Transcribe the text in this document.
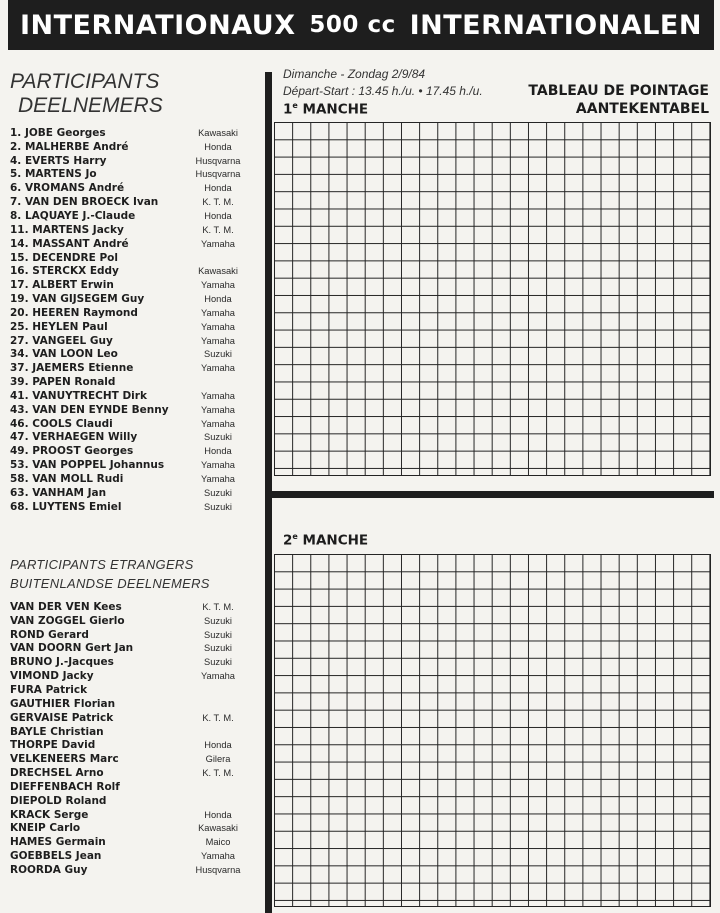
INTERNATIONAUX
500 cc
INTERNATIONALEN
PARTICIPANTS
DEELNEMERS
1. JOBE Georges	Kawasaki
2. MALHERBE André	Honda
4. EVERTS Harry	Husqvarna
5. MARTENS Jo	Husqvarna
6. VROMANS André	Honda
7. VAN DEN BROECK Ivan	K. T. M.
8. LAQUAYE J.-Claude	Honda
11. MARTENS Jacky	K. T. M.
14. MASSANT André	Yamaha
15. DECENDRE Pol
16. STERCKX Eddy	Kawasaki
17. ALBERT Erwin	Yamaha
19. VAN GIJSEGEM Guy	Honda
20. HEEREN Raymond	Yamaha
25. HEYLEN Paul	Yamaha
27. VANGEEL Guy	Yamaha
34. VAN LOON Leo	Suzuki
37. JAEMERS Etienne	Yamaha
39. PAPEN Ronald
41. VANUYTRECHT Dirk	Yamaha
43. VAN DEN EYNDE Benny	Yamaha
46. COOLS Claudi	Yamaha
47. VERHAEGEN Willy	Suzuki
49. PROOST Georges	Honda
53. VAN POPPEL Johannus	Yamaha
58. VAN MOLL Rudi	Yamaha
63. VANHAM Jan	Suzuki
68. LUYTENS Emiel	Suzuki
PARTICIPANTS ETRANGERS
BUITENLANDSE DEELNEMERS
VAN DER VEN Kees	K. T. M.
VAN ZOGGEL Gierlo	Suzuki
ROND Gerard	Suzuki
VAN DOORN Gert Jan	Suzuki
BRUNO J.-Jacques	Suzuki
VIMOND Jacky	Yamaha
FURA Patrick
GAUTHIER Florian
GERVAISE Patrick	K. T. M.
BAYLE Christian
THORPE David	Honda
VELKENEERS Marc	Gilera
DRECHSEL Arno	K. T. M.
DIEFFENBACH Rolf
DIEPOLD Roland
KRACK Serge	Honda
KNEIP Carlo	Kawasaki
HAMES Germain	Maico
GOEBBELS Jean	Yamaha
ROORDA Guy	Husqvarna
Dimanche - Zondag 2/9/84
Départ-Start : 13.45 h./u. • 17.45 h./u.	TABLEAU DE POINTAGE
AANTEKENTABEL
1e MANCHE
2e MANCHE
